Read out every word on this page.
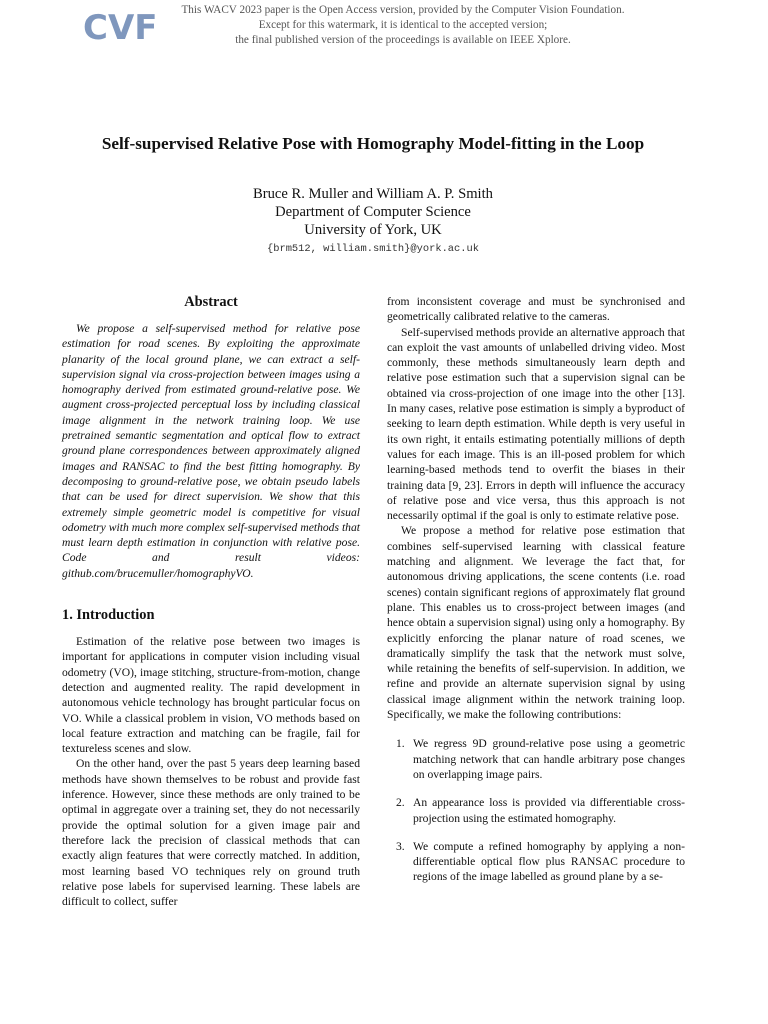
CVF	This WACV 2023 paper is the Open Access version, provided by the Computer Vision Foundation.
Except for this watermark, it is identical to the accepted version;
the final published version of the proceedings is available on IEEE Xplore.
Self-supervised Relative Pose with Homography Model-fitting in the Loop

Bruce R. Muller and William A. P. Smith

Department of Computer Science

University of York, UK

{brm512, william.smith}@york.ac.uk
Abstract

We propose a self-supervised method for relative pose estimation for road scenes. By exploiting the approximate planarity of the local ground plane, we can extract a self-supervision signal via cross-projection between images using a homography derived from estimated ground-relative pose. We augment cross-projected perceptual loss by including classical image alignment in the network training loop. We use pretrained semantic segmentation and optical flow to extract ground plane correspondences between approximately aligned images and RANSAC to find the best fitting homography. By decomposing to ground-relative pose, we obtain pseudo labels that can be used for direct supervision. We show that this extremely simple geometric model is competitive for visual odometry with much more complex self-supervised methods that must learn depth estimation in conjunction with relative pose. Code and result videos: github.com/brucemuller/homographyVO.

1. Introduction

Estimation of the relative pose between two images is important for applications in computer vision including visual odometry (VO), image stitching, structure-from-motion, change detection and augmented reality. The rapid development in autonomous vehicle technology has brought particular focus on VO. While a classical problem in vision, VO methods based on local feature extraction and matching can be fragile, fail for textureless scenes and slow.

On the other hand, over the past 5 years deep learning based methods have shown themselves to be robust and provide fast inference. However, since these methods are only trained to be optimal in aggregate over a training set, they do not necessarily provide the optimal solution for a given image pair and therefore lack the precision of classical methods that can exactly align features that were correctly matched. In addition, most learning based VO techniques rely on ground truth relative pose labels for supervised learning. These labels are difficult to collect, suffer

from inconsistent coverage and must be synchronised and geometrically calibrated relative to the cameras.

Self-supervised methods provide an alternative approach that can exploit the vast amounts of unlabelled driving video. Most commonly, these methods simultaneously learn depth and relative pose estimation such that a supervision signal can be obtained via cross-projection of one image into the other [13]. In many cases, relative pose estimation is simply a byproduct of seeking to learn depth estimation. While depth is very useful in its own right, it entails estimating potentially millions of depth values for each image. This is an ill-posed problem for which learning-based methods tend to overfit the biases in their training data [9, 23]. Errors in depth will influence the accuracy of relative pose and vice versa, thus this approach is not necessarily optimal if the goal is only to estimate relative pose.

We propose a method for relative pose estimation that combines self-supervised learning with classical feature matching and alignment. We leverage the fact that, for autonomous driving applications, the scene contents (i.e. road scenes) contain significant regions of approximately flat ground plane. This enables us to cross-project between images (and hence obtain a supervision signal) using only a homography. By explicitly enforcing the planar nature of road scenes, we dramatically simplify the task that the network must solve, while retaining the benefits of self-supervision. In addition, we refine and provide an alternate supervision signal by using classical image alignment within the network training loop. Specifically, we make the following contributions:

1. We regress 9D ground-relative pose using a geometric matching network that can handle arbitrary pose changes on overlapping image pairs.
2. An appearance loss is provided via differentiable cross-projection using the estimated homography.
3. We compute a refined homography by applying a non-differentiable optical flow plus RANSAC procedure to regions of the image labelled as ground plane by a se-
